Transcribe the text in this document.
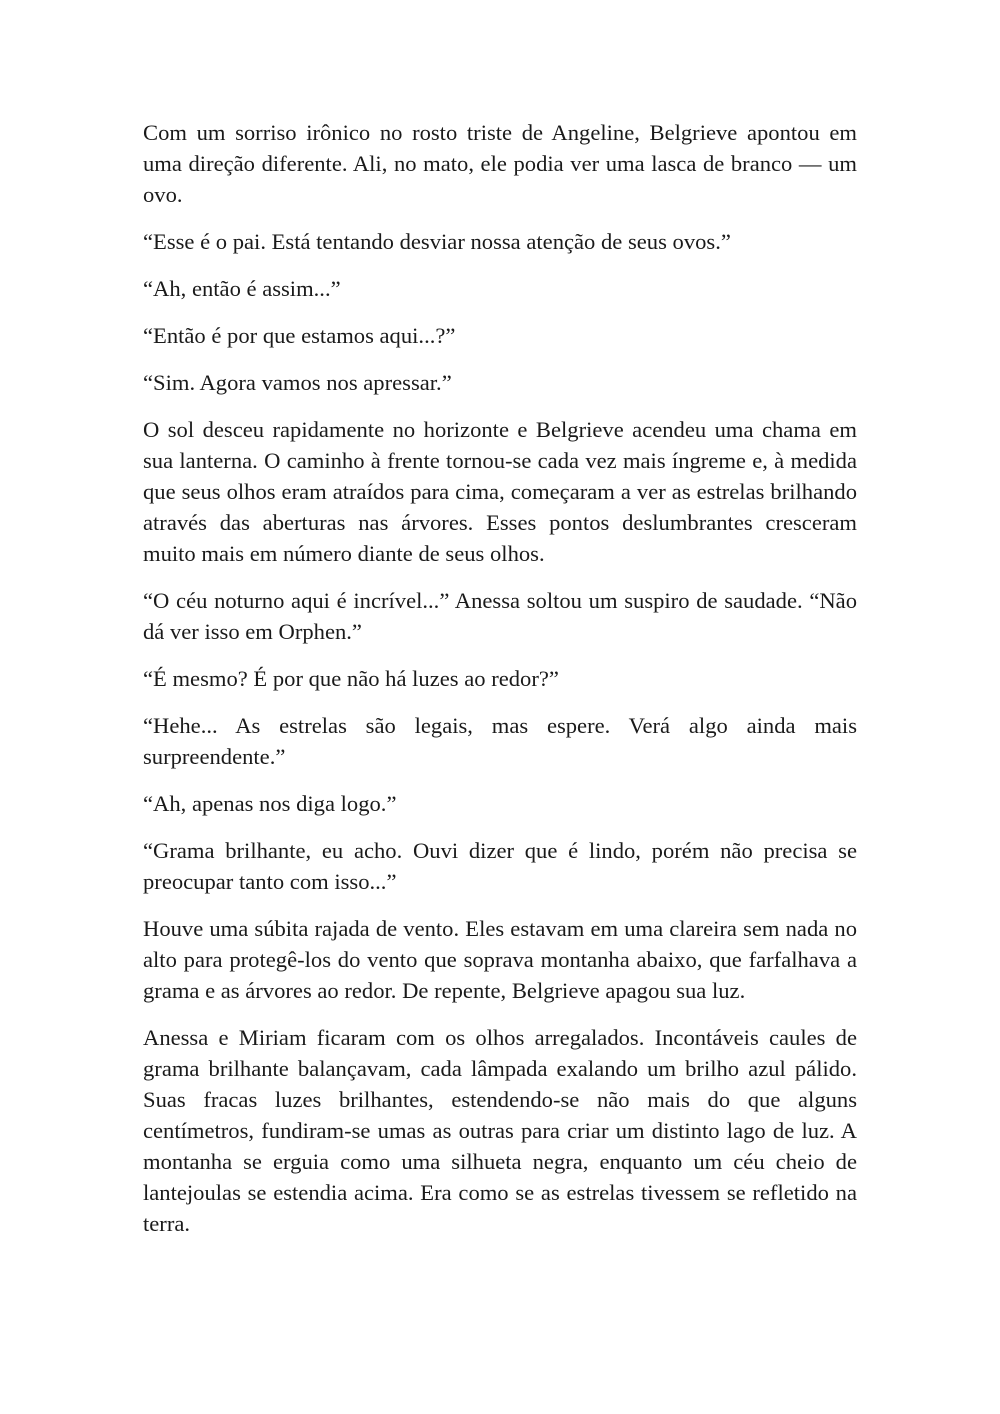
Com um sorriso irônico no rosto triste de Angeline, Belgrieve apontou em uma direção diferente. Ali, no mato, ele podia ver uma lasca de branco — um ovo.

“Esse é o pai. Está tentando desviar nossa atenção de seus ovos.”

“Ah, então é assim...”

“Então é por que estamos aqui...?”

“Sim. Agora vamos nos apressar.”

O sol desceu rapidamente no horizonte e Belgrieve acendeu uma chama em sua lanterna. O caminho à frente tornou-se cada vez mais íngreme e, à medida que seus olhos eram atraídos para cima, começaram a ver as estrelas brilhando através das aberturas nas árvores. Esses pontos deslumbrantes cresceram muito mais em número diante de seus olhos.

“O céu noturno aqui é incrível...” Anessa soltou um suspiro de saudade. “Não dá ver isso em Orphen.”

“É mesmo? É por que não há luzes ao redor?”

“Hehe... As estrelas são legais, mas espere. Verá algo ainda mais surpreendente.”

“Ah, apenas nos diga logo.”

“Grama brilhante, eu acho. Ouvi dizer que é lindo, porém não precisa se preocupar tanto com isso...”

Houve uma súbita rajada de vento. Eles estavam em uma clareira sem nada no alto para protegê-los do vento que soprava montanha abaixo, que farfalhava a grama e as árvores ao redor. De repente, Belgrieve apagou sua luz.

Anessa e Miriam ficaram com os olhos arregalados. Incontáveis caules de grama brilhante balançavam, cada lâmpada exalando um brilho azul pálido. Suas fracas luzes brilhantes, estendendo-se não mais do que alguns centímetros, fundiram-se umas as outras para criar um distinto lago de luz. A montanha se erguia como uma silhueta negra, enquanto um céu cheio de lantejoulas se estendia acima. Era como se as estrelas tivessem se refletido na terra.
